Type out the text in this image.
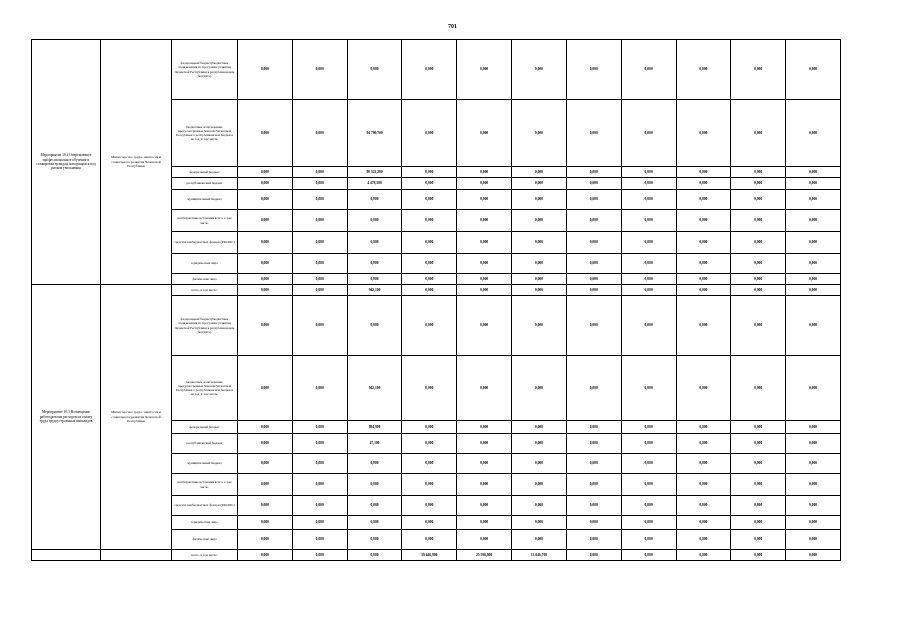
701
Мероприятие 10.2 Опережающее профессиональное обучение и стажировка граждан, находящихся под риском увольнения	Министерство труда, занятости и социального развития Чеченской Республики	федеральный бюджет(бюджетные ассигнования по программе развития Чеченской Республики в республиканском бюджете)	0,000	0,000	0,000	0,000	0,000	0,000	0,000	0,000	0,000	0,000	0,000
		бюджетные ассигнования, предусмотренные Законом Чеченской Республики о республиканском бюджете на год, в том числе:	0,000	0,000	94 790,700	0,000	0,000	0,000	0,000	0,000	0,000	0,000	0,000
		федеральный бюджет	0,000	0,000	90 322,200	0,000	0,000	0,000	0,000	0,000	0,000	0,000	0,000
		республиканский бюджет	0,000	0,000	4 478,500	0,000	0,000	0,000	0,000	0,000	0,000	0,000	0,000
		муниципальный бюджет	0,000	0,000	0,000	0,000	0,000	0,000	0,000	0,000	0,000	0,000	0,000
		внебюджетные источники всего, в том числе:	0,000	0,000	0,000	0,000	0,000	0,000	0,000	0,000	0,000	0,000	0,000
		средства внебюджетных фондов (ТФОМС)	0,000	0,000	0,000	0,000	0,000	0,000	0,000	0,000	0,000	0,000	0,000
		юридические лица	0,000	0,000	0,000	0,000	0,000	0,000	0,000	0,000	0,000	0,000	0,000
		физические лица	0,000	0,000	0,000	0,000	0,000	0,000	0,000	0,000	0,000	0,000	0,000
Мероприятие 10.3 Возмещение работодателям расходов на оплату труда трудоустроенных инвалидов	Министерство труда, занятости и социального развития Чеченской Республики	всего, в том числе:	0,000	0,000	942,100	0,000	0,000	0,000	0,000	0,000	0,000	0,000	0,000
		федеральный бюджет(бюджетные ассигнования по программе развития Чеченской Республики в республиканском бюджете)	0,000	0,000	0,000	0,000	0,000	0,000	0,000	0,000	0,000	0,000	0,000
		бюджетные ассигнования, предусмотренные Законом Чеченской Республики о республиканском бюджете на год, в том числе:	0,000	0,000	942,100	0,000	0,000	0,000	0,000	0,000	0,000	0,000	0,000
		федеральный бюджет	0,000	0,000	894,900	0,000	0,000	0,000	0,000	0,000	0,000	0,000	0,000
		республиканский бюджет	0,000	0,000	47,100	0,000	0,000	0,000	0,000	0,000	0,000	0,000	0,000
		муниципальный бюджет	0,000	0,000	0,000	0,000	0,000	0,000	0,000	0,000	0,000	0,000	0,000
		внебюджетные источники всего, в том числе:	0,000	0,000	0,000	0,000	0,000	0,000	0,000	0,000	0,000	0,000	0,000
		средства внебюджетных фондов (ТФОМС)	0,000	0,000	0,000	0,000	0,000	0,000	0,000	0,000	0,000	0,000	0,000
		юридические лица	0,000	0,000	0,000	0,000	0,000	0,000	0,000	0,000	0,000	0,000	0,000
		физические лица	0,000	0,000	0,000	0,000	0,000	0,000	0,000	0,000	0,000	0,000	0,000
		всего, в том числе:	0,000	0,000	0,000	59 646,900	25 596,000	13 646,700	0,000	0,000	0,000	0,000	0,000
